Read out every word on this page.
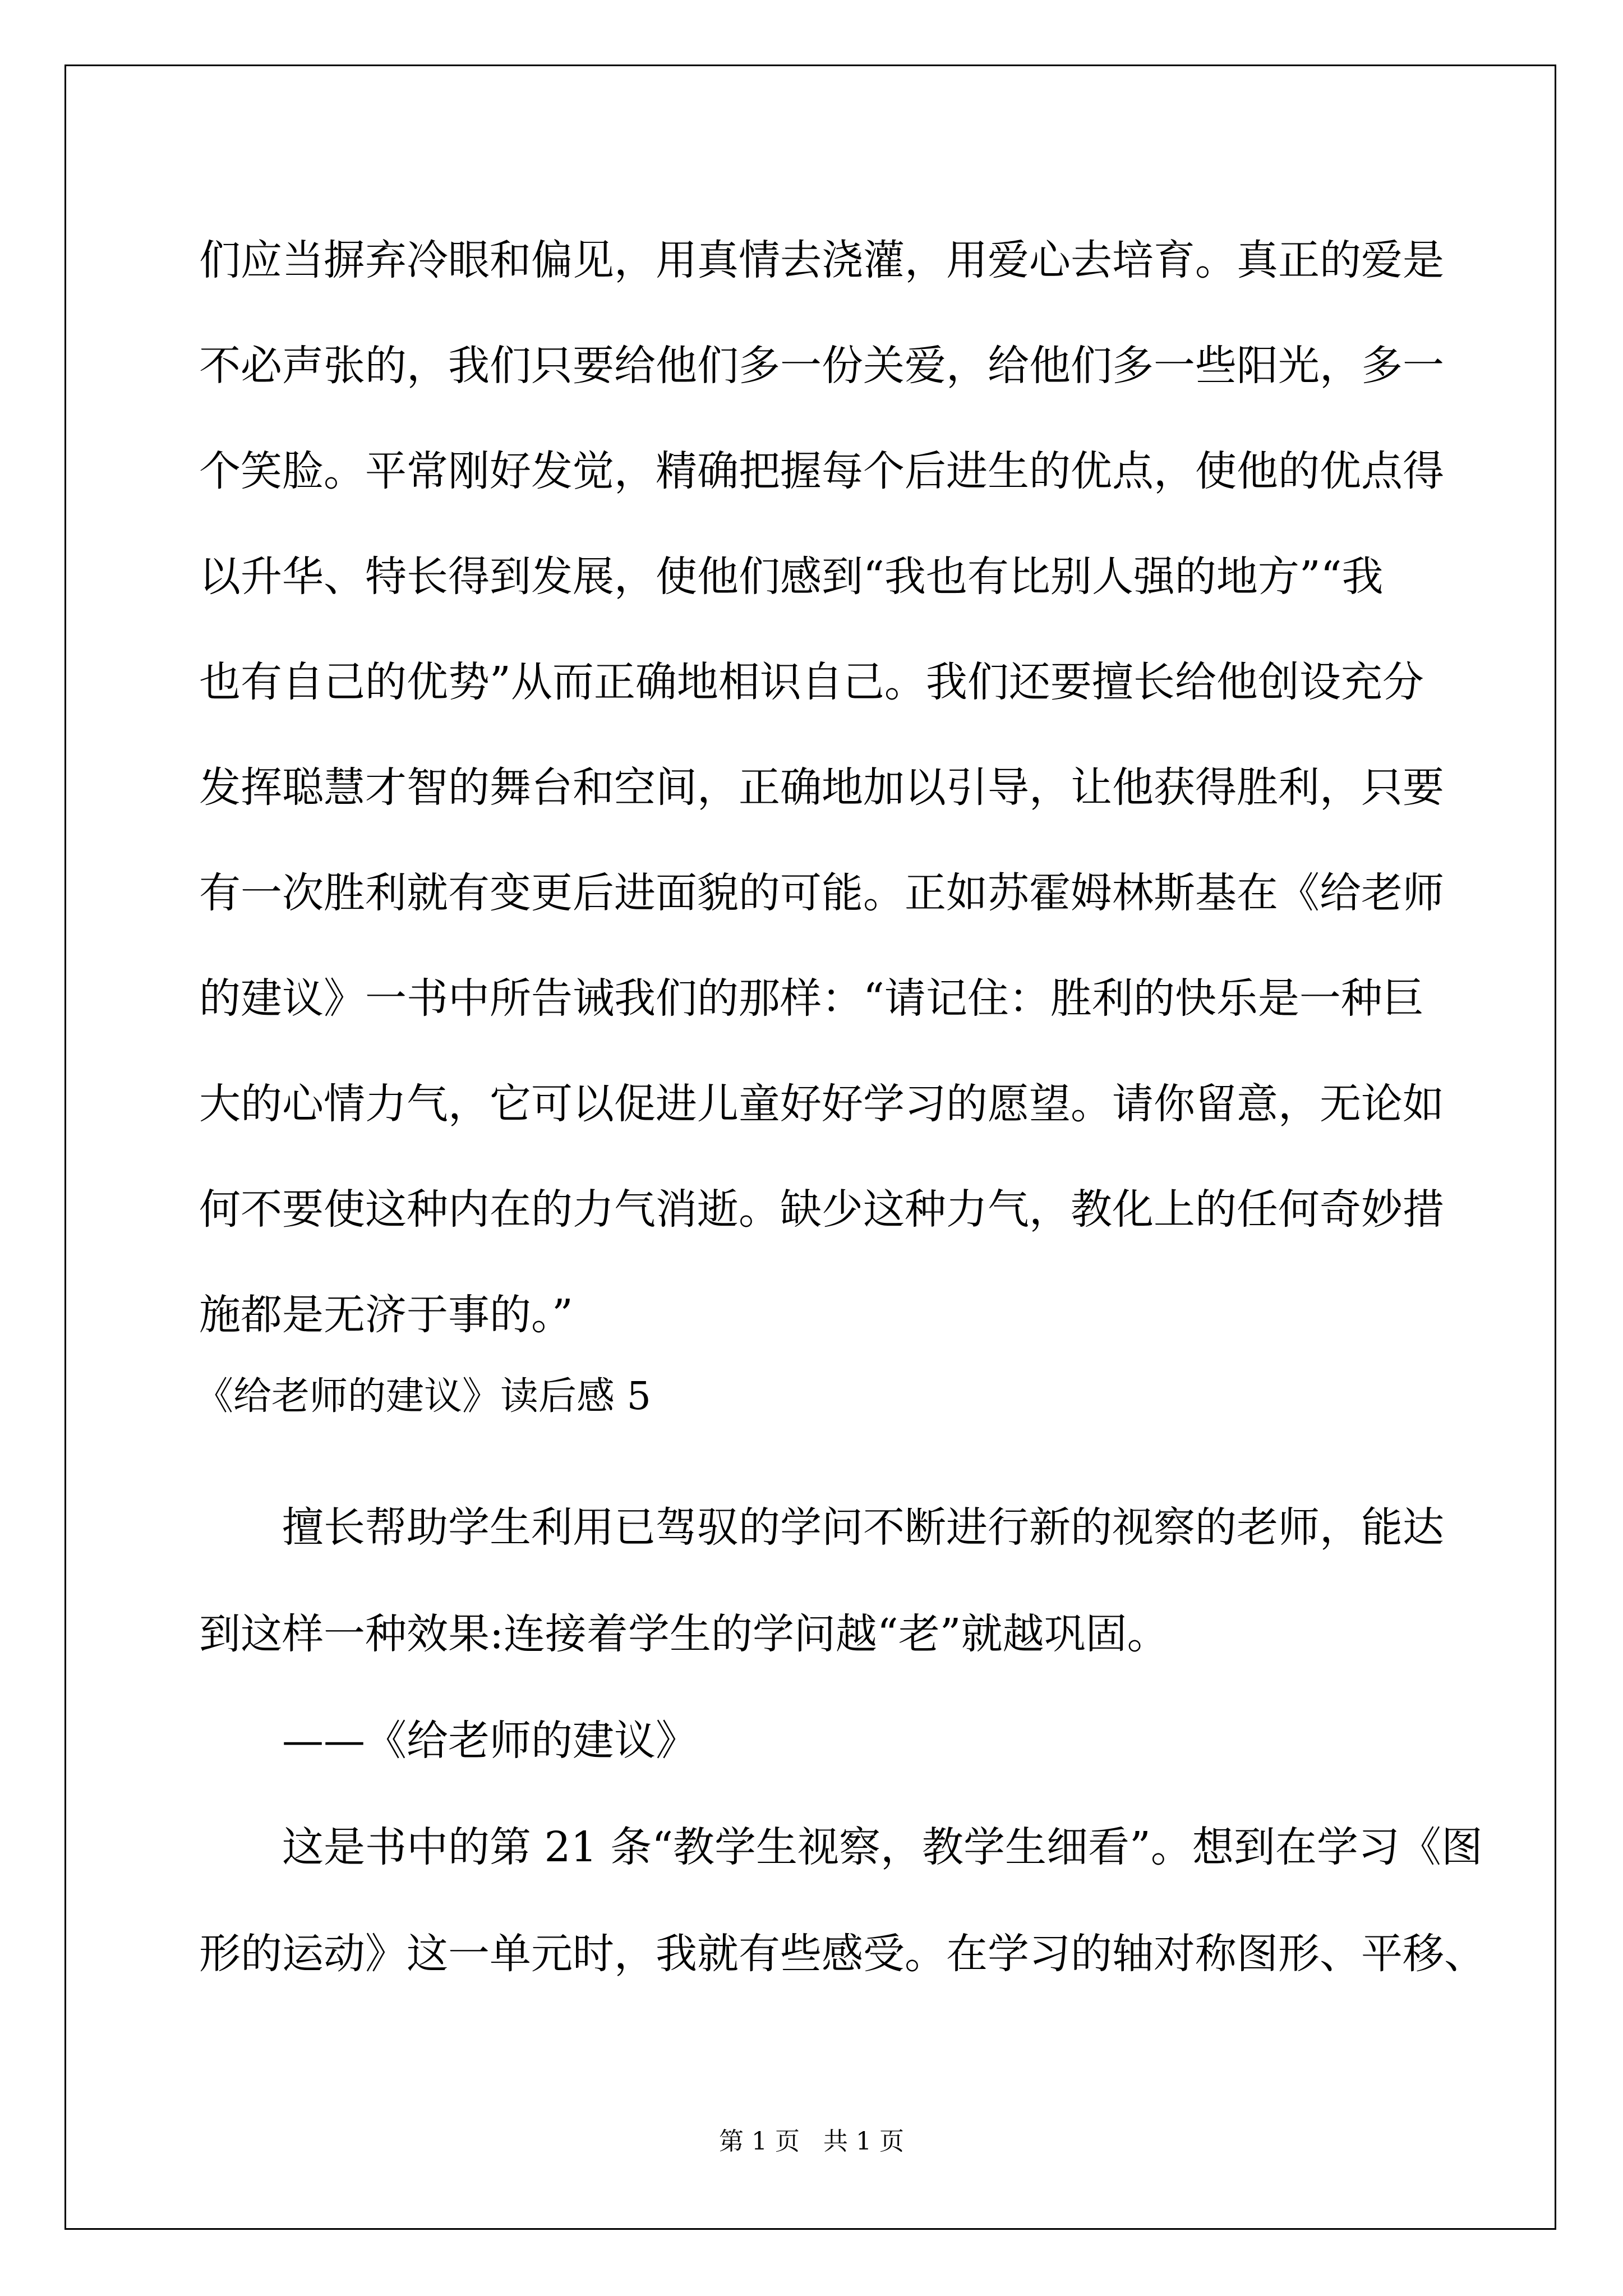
们应当摒弃冷眼和偏见，用真情去浇灌，用爱心去培育。真正的爱是
不必声张的，我们只要给他们多一份关爱，给他们多一些阳光，多一
个笑脸。平常刚好发觉，精确把握每个后进生的优点，使他的优点得
以升华、特长得到发展，使他们感到“我也有比别人强的地方”“我
也有自己的优势”从而正确地相识自己。我们还要擅长给他创设充分
发挥聪慧才智的舞台和空间，正确地加以引导，让他获得胜利，只要
有一次胜利就有变更后进面貌的可能。正如苏霍姆林斯基在《给老师
的建议》一书中所告诫我们的那样：“请记住：胜利的快乐是一种巨
大的心情力气，它可以促进儿童好好学习的愿望。请你留意，无论如
何不要使这种内在的力气消逝。缺少这种力气，教化上的任何奇妙措
施都是无济于事的。”
《给老师的建议》读后感 5
擅长帮助学生利用已驾驭的学问不断进行新的视察的老师，能达
到这样一种效果:连接着学生的学问越“老”就越巩固。
——《给老师的建议》
这是书中的第 21 条“教学生视察，教学生细看”。想到在学习《图
形的运动》这一单元时，我就有些感受。在学习的轴对称图形、平移、
第 1 页 共 1 页
